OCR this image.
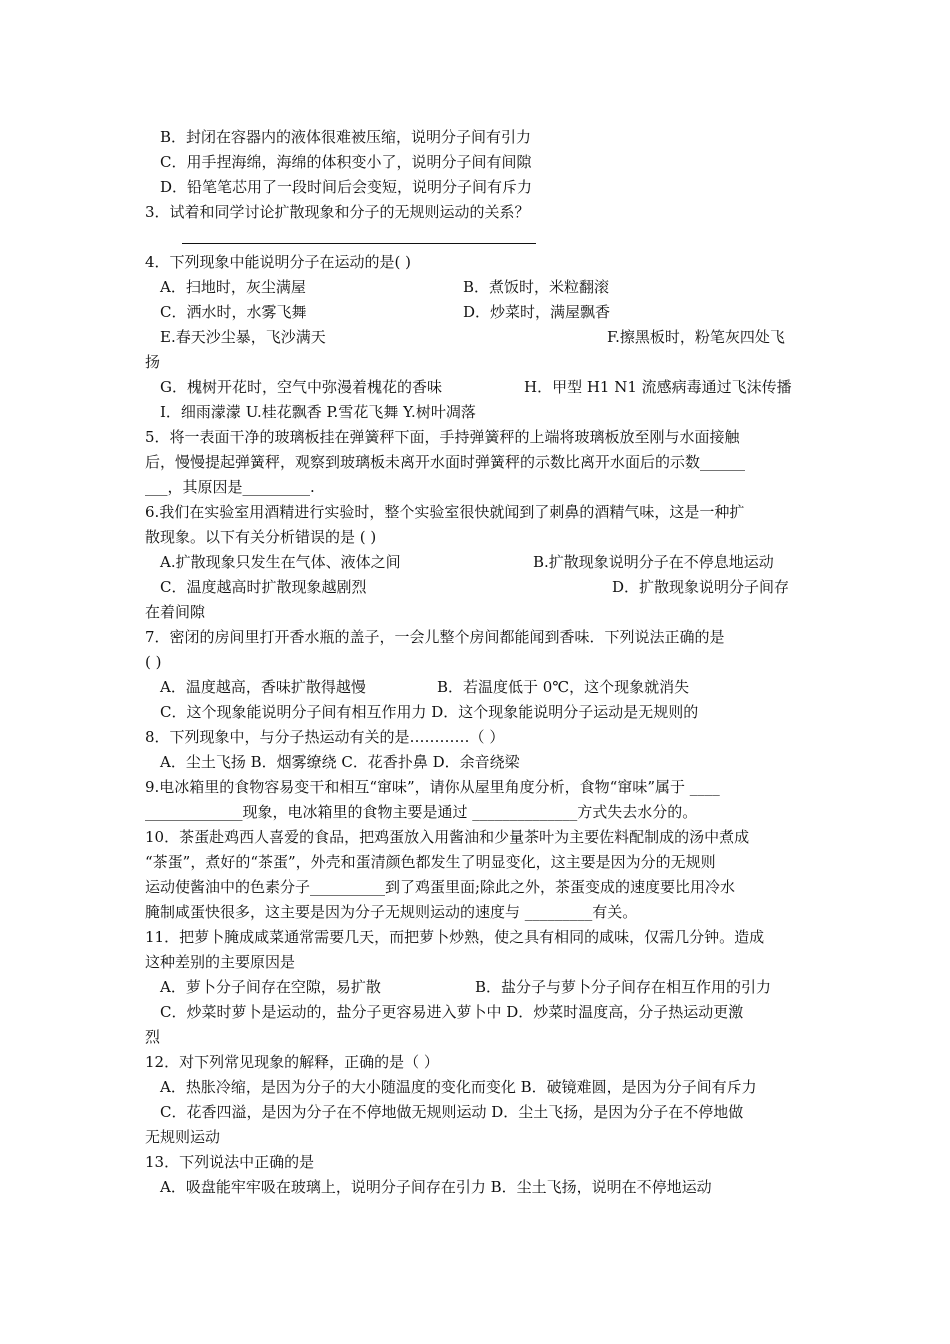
B．封闭在容器内的液体很难被压缩，说明分子间有引力
C．用手捏海绵，海绵的体积变小了，说明分子间有间隙
D．铅笔笔芯用了一段时间后会变短，说明分子间有斥力
3．试着和同学讨论扩散现象和分子的无规则运动的关系？
4．下列现象中能说明分子在运动的是( )
A．扫地时，灰尘满屋	B．煮饭时，米粒翻滚
C．洒水时，水雾飞舞	D．炒菜时，满屋飘香
E.春天沙尘暴，飞沙满天	F.擦黑板时，粉笔灰四处飞
扬
G．槐树开花时，空气中弥漫着槐花的香味	H．甲型 H1 N1 流感病毒通过飞沫传播
I．细雨濛濛 U.桂花飘香 P.雪花飞舞 Y.树叶凋落
5．将一表面干净的玻璃板挂在弹簧秤下面，手持弹簧秤的上端将玻璃板放至刚与水面接触
后，慢慢提起弹簧秤，观察到玻璃板未离开水面时弹簧秤的示数比离开水面后的示数______
___，其原因是_________.
6.我们在实验室用酒精进行实验时，整个实验室很快就闻到了刺鼻的酒精气味，这是一种扩
散现象。以下有关分析错误的是 ( )
A.扩散现象只发生在气体、液体之间	B.扩散现象说明分子在不停息地运动
C．温度越高时扩散现象越剧烈	D．扩散现象说明分子间存
在着间隙
7．密闭的房间里打开香水瓶的盖子，一会儿整个房间都能闻到香味．下列说法正确的是
( )
A．温度越高，香味扩散得越慢	B．若温度低于 0℃，这个现象就消失
C．这个现象能说明分子间有相互作用力 D．这个现象能说明分子运动是无规则的
8．下列现象中，与分子热运动有关的是…………（ ）
A．尘土飞扬 B．烟雾缭绕 C．花香扑鼻 D．余音绕梁
9.电冰箱里的食物容易变干和相互“窜味”，请你从屋里角度分析，食物“窜味”属于 ____
_____________现象，电冰箱里的食物主要是通过 ______________方式失去水分的。
10．茶蛋赴鸡西人喜爱的食品，把鸡蛋放入用酱油和少量茶叶为主要佐料配制成的汤中煮成
“茶蛋”，煮好的“茶蛋”，外壳和蛋清颜色都发生了明显变化，这主要是因为分的无规则
运动使酱油中的色素分子__________到了鸡蛋里面;除此之外，茶蛋变成的速度要比用冷水
腌制咸蛋快很多，这主要是因为分子无规则运动的速度与 _________有关。
11．把萝卜腌成咸菜通常需要几天，而把萝卜炒熟，使之具有相同的咸味，仅需几分钟。造成
这种差别的主要原因是
A．萝卜分子间存在空隙，易扩散	B．盐分子与萝卜分子间存在相互作用的引力
C．炒菜时萝卜是运动的，盐分子更容易进入萝卜中 D．炒菜时温度高，分子热运动更激
烈
12．对下列常见现象的解释，正确的是（ ）
A．热胀冷缩，是因为分子的大小随温度的变化而变化 B．破镜难圆，是因为分子间有斥力
C．花香四溢，是因为分子在不停地做无规则运动 D．尘土飞扬，是因为分子在不停地做
无规则运动
13．下列说法中正确的是
A．吸盘能牢牢吸在玻璃上，说明分子间存在引力 B．尘土飞扬，说明在不停地运动
